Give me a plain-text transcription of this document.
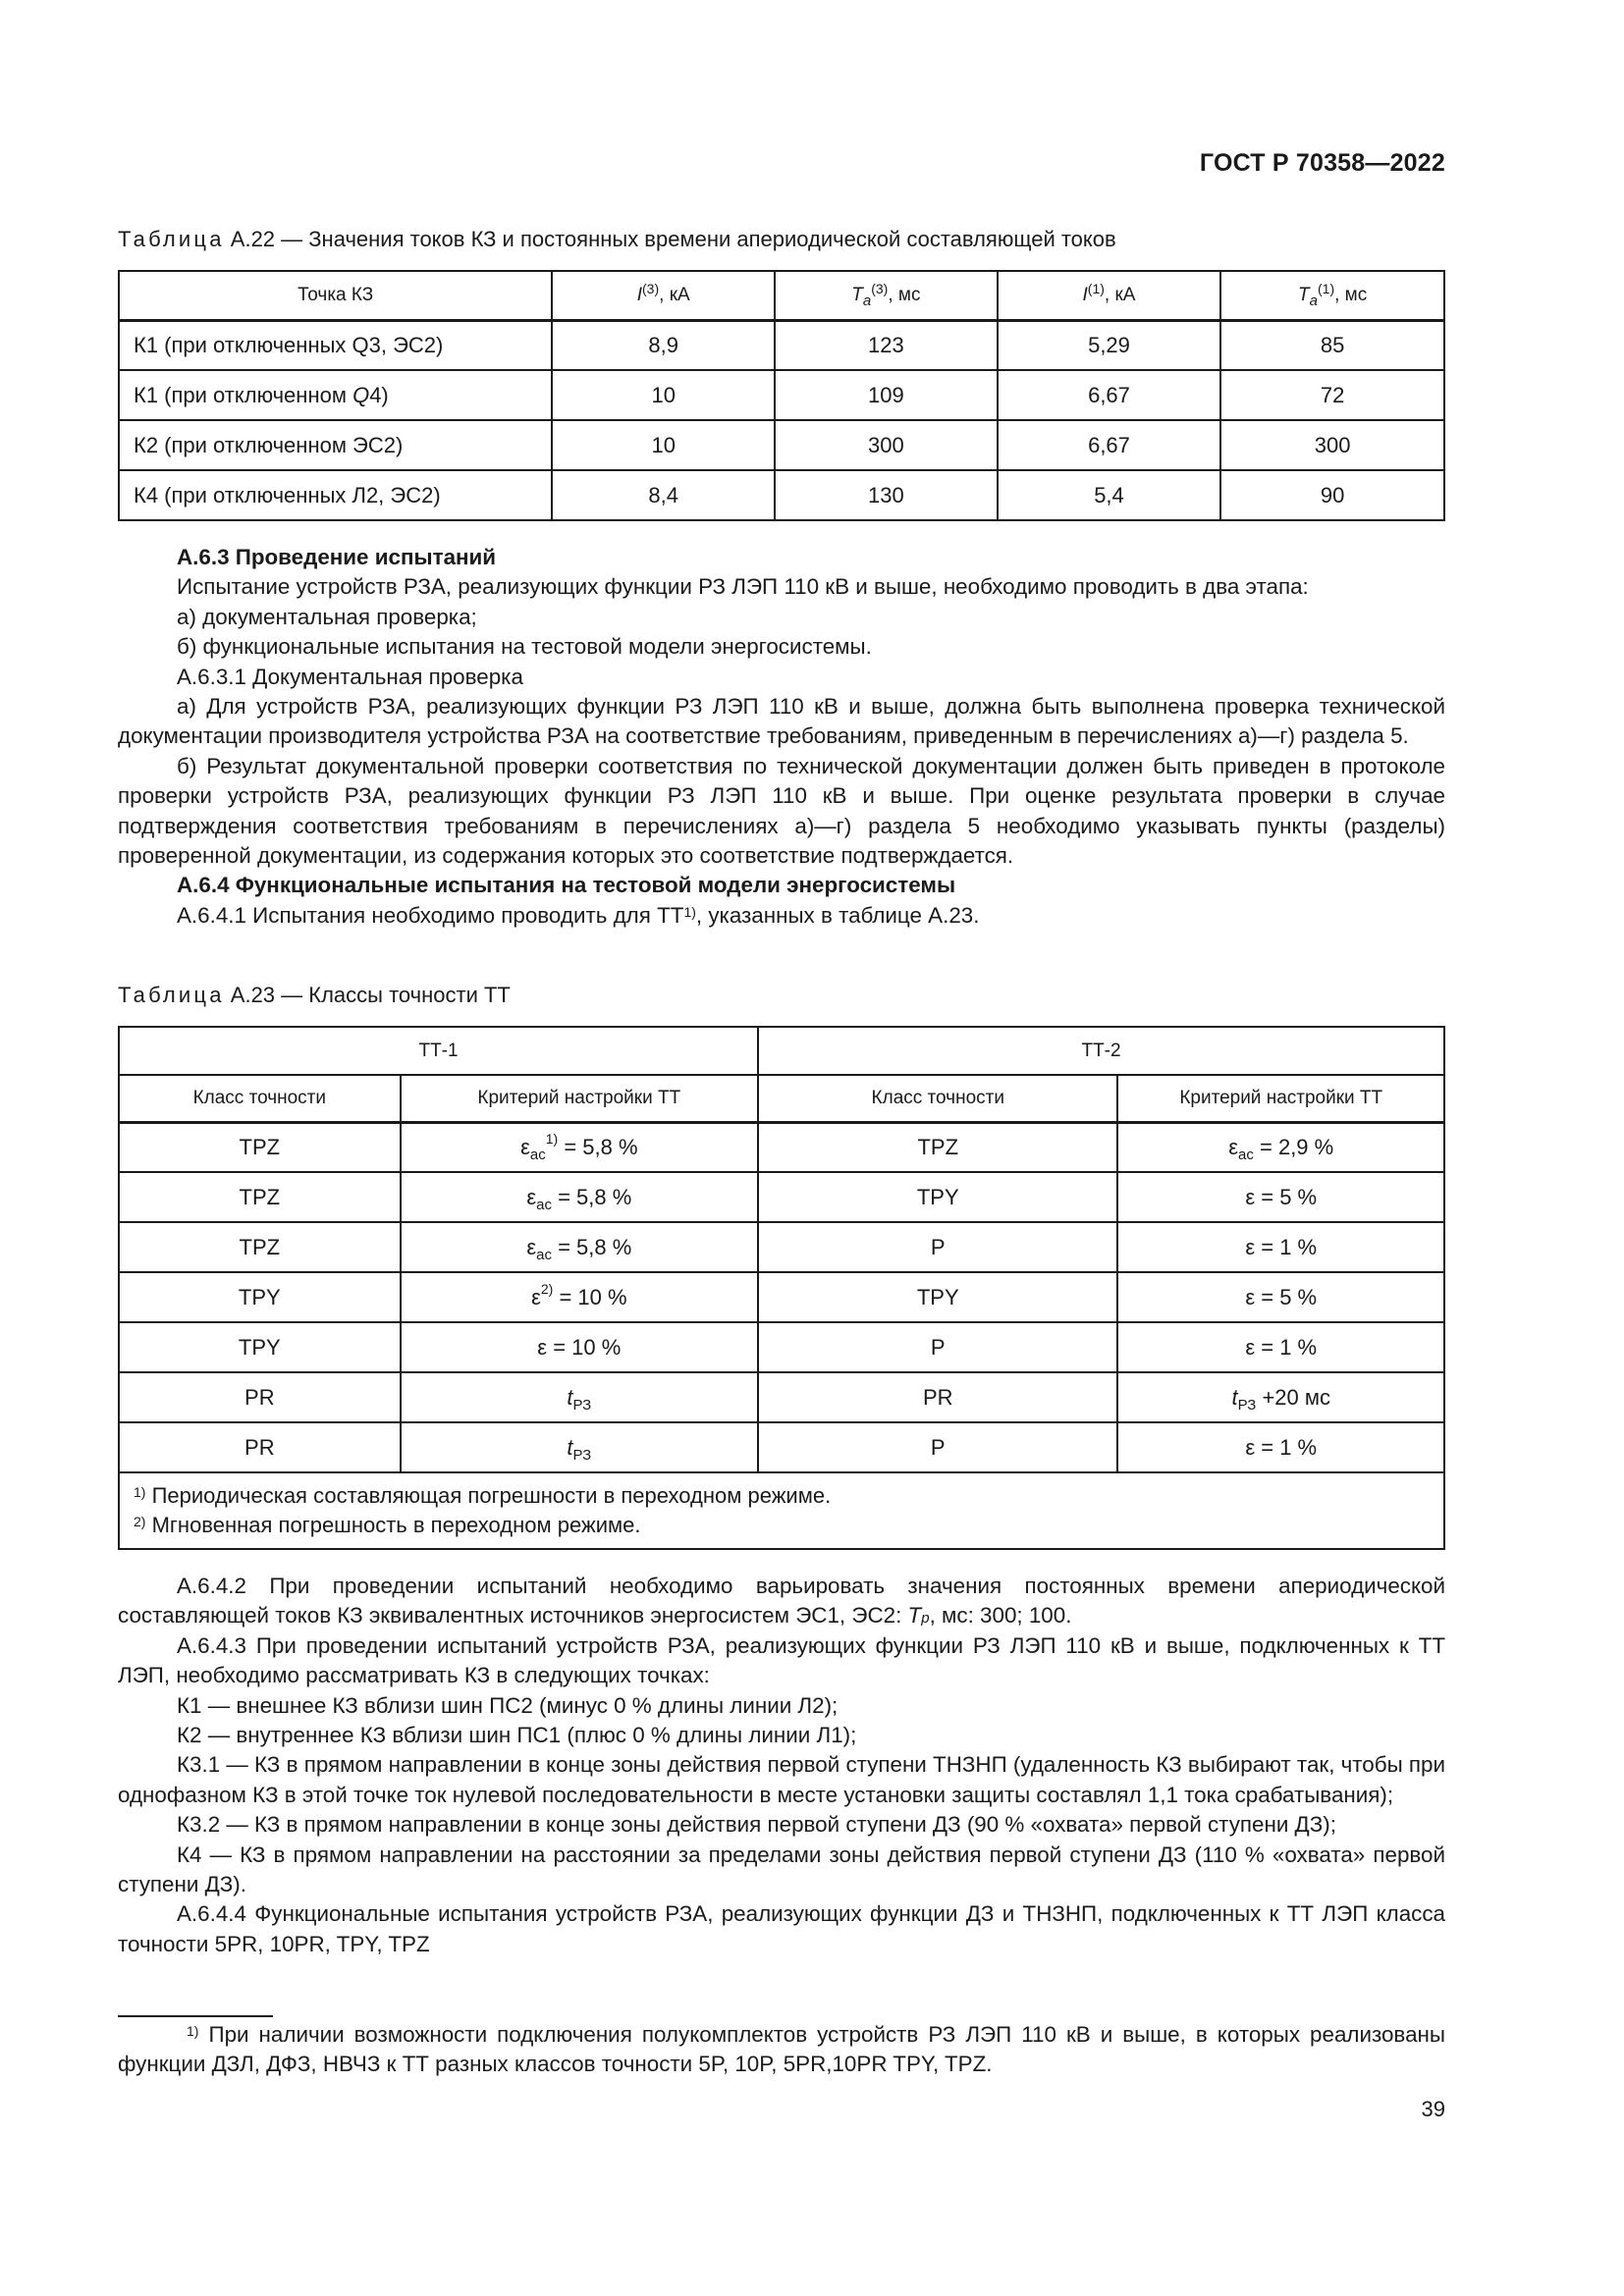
ГОСТ Р 70358—2022
Таблица А.22 — Значения токов КЗ и постоянных времени апериодической составляющей токов
Точка КЗ	$I^{(3)}$, кА	$T_a^{(3)}$, мс	$I^{(1)}$, кА	$T_a^{(1)}$, мс
К1 (при отключенных Q3, ЭС2)	8,9	123	5,29	85
К1 (при отключенном Q4)	10	109	6,67	72
К2 (при отключенном ЭС2)	10	300	6,67	300
К4 (при отключенных Л2, ЭС2)	8,4	130	5,4	90

А.6.3 Проведение испытаний

Испытание устройств РЗА, реализующих функции РЗ ЛЭП 110 кВ и выше, необходимо проводить в два этапа:

а) документальная проверка;

б) функциональные испытания на тестовой модели энергосистемы.

А.6.3.1 Документальная проверка

а) Для устройств РЗА, реализующих функции РЗ ЛЭП 110 кВ и выше, должна быть выполнена проверка технической документации производителя устройства РЗА на соответствие требованиям, приведенным в перечислениях а)—г) раздела 5.

б) Результат документальной проверки соответствия по технической документации должен быть приведен в протоколе проверки устройств РЗА, реализующих функции РЗ ЛЭП 110 кВ и выше. При оценке результата проверки в случае подтверждения соответствия требованиям в перечислениях а)—г) раздела 5 необходимо указывать пункты (разделы) проверенной документации, из содержания которых это соответствие подтверждается.

А.6.4 Функциональные испытания на тестовой модели энергосистемы

А.6.4.1 Испытания необходимо проводить для ТТ$^{1)}$, указанных в таблице А.23.

Таблица А.23 — Классы точности ТТ
ТТ-1		ТТ-2	
Класс точности	Критерий настройки ТТ	Класс точности	Критерий настройки ТТ
TPZ	$\varepsilon_{ас}^{1)} = 5,8$ %	TPZ	$\varepsilon_{ас} = 2,9$ %
TPZ	$\varepsilon_{ас} = 5,8$ %	TPY	ε = 5 %
TPZ	$\varepsilon_{ас} = 5,8$ %	P	ε = 1 %
TPY	$\varepsilon^{2)} = 10$ %	TPY	ε = 5 %
TPY	ε = 10 %	P	ε = 1 %
PR	$t_{РЗ}$	PR	$t_{РЗ} +20$ мс
PR	$t_{РЗ}$	P	ε = 1 %

$^{1)}$ Периодическая составляющая погрешности в переходном режиме.
$^{2)}$ Мгновенная погрешность в переходном режиме.			

А.6.4.2 При проведении испытаний необходимо варьировать значения постоянных времени апериодической составляющей токов КЗ эквивалентных источников энергосистем ЭС1, ЭС2: $T_p$, мс: 300; 100.

А.6.4.3 При проведении испытаний устройств РЗА, реализующих функции РЗ ЛЭП 110 кВ и выше, подключенных к ТТ ЛЭП, необходимо рассматривать КЗ в следующих точках:

К1 — внешнее КЗ вблизи шин ПС2 (минус 0 % длины линии Л2);

К2 — внутреннее КЗ вблизи шин ПС1 (плюс 0 % длины линии Л1);

К3.1 — КЗ в прямом направлении в конце зоны действия первой ступени ТНЗНП (удаленность КЗ выбирают так, чтобы при однофазном КЗ в этой точке ток нулевой последовательности в месте установки защиты составлял 1,1 тока срабатывания);

К3.2 — КЗ в прямом направлении в конце зоны действия первой ступени ДЗ (90 % «охвата» первой ступени ДЗ);

К4 — КЗ в прямом направлении на расстоянии за пределами зоны действия первой ступени ДЗ (110 % «охвата» первой ступени ДЗ).

А.6.4.4 Функциональные испытания устройств РЗА, реализующих функции ДЗ и ТНЗНП, подключенных к ТТ ЛЭП класса точности 5PR, 10PR, TPY, TPZ

$^{1)}$ При наличии возможности подключения полукомплектов устройств РЗ ЛЭП 110 кВ и выше, в которых реализованы функции ДЗЛ, ДФЗ, НВЧЗ к ТТ разных классов точности 5P, 10P, 5PR,10PR TPY, TPZ.

39
